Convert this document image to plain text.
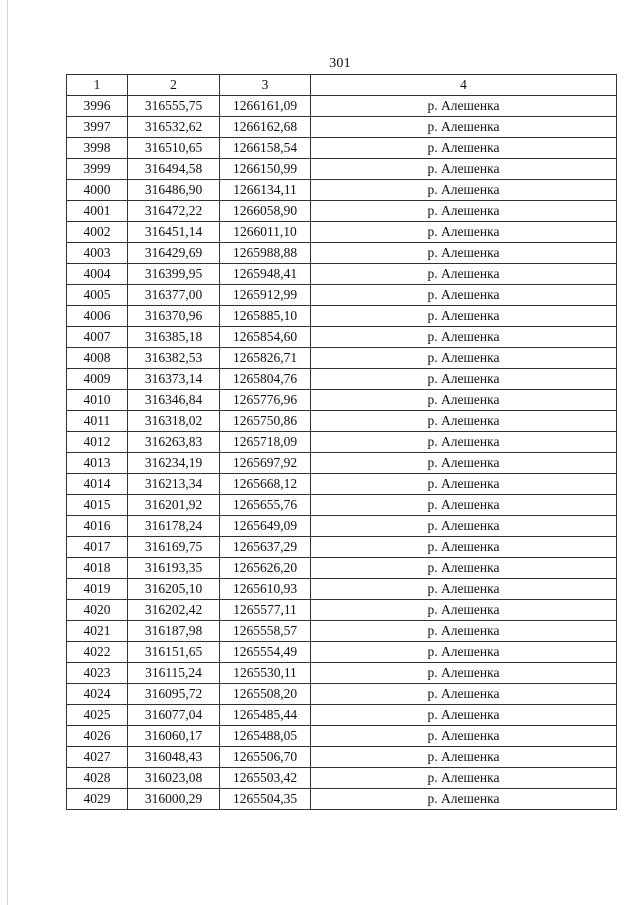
301
1	2	3	4
3996	316555,75	1266161,09	р. Алешенка
3997	316532,62	1266162,68	р. Алешенка
3998	316510,65	1266158,54	р. Алешенка
3999	316494,58	1266150,99	р. Алешенка
4000	316486,90	1266134,11	р. Алешенка
4001	316472,22	1266058,90	р. Алешенка
4002	316451,14	1266011,10	р. Алешенка
4003	316429,69	1265988,88	р. Алешенка
4004	316399,95	1265948,41	р. Алешенка
4005	316377,00	1265912,99	р. Алешенка
4006	316370,96	1265885,10	р. Алешенка
4007	316385,18	1265854,60	р. Алешенка
4008	316382,53	1265826,71	р. Алешенка
4009	316373,14	1265804,76	р. Алешенка
4010	316346,84	1265776,96	р. Алешенка
4011	316318,02	1265750,86	р. Алешенка
4012	316263,83	1265718,09	р. Алешенка
4013	316234,19	1265697,92	р. Алешенка
4014	316213,34	1265668,12	р. Алешенка
4015	316201,92	1265655,76	р. Алешенка
4016	316178,24	1265649,09	р. Алешенка
4017	316169,75	1265637,29	р. Алешенка
4018	316193,35	1265626,20	р. Алешенка
4019	316205,10	1265610,93	р. Алешенка
4020	316202,42	1265577,11	р. Алешенка
4021	316187,98	1265558,57	р. Алешенка
4022	316151,65	1265554,49	р. Алешенка
4023	316115,24	1265530,11	р. Алешенка
4024	316095,72	1265508,20	р. Алешенка
4025	316077,04	1265485,44	р. Алешенка
4026	316060,17	1265488,05	р. Алешенка
4027	316048,43	1265506,70	р. Алешенка
4028	316023,08	1265503,42	р. Алешенка
4029	316000,29	1265504,35	р. Алешенка
